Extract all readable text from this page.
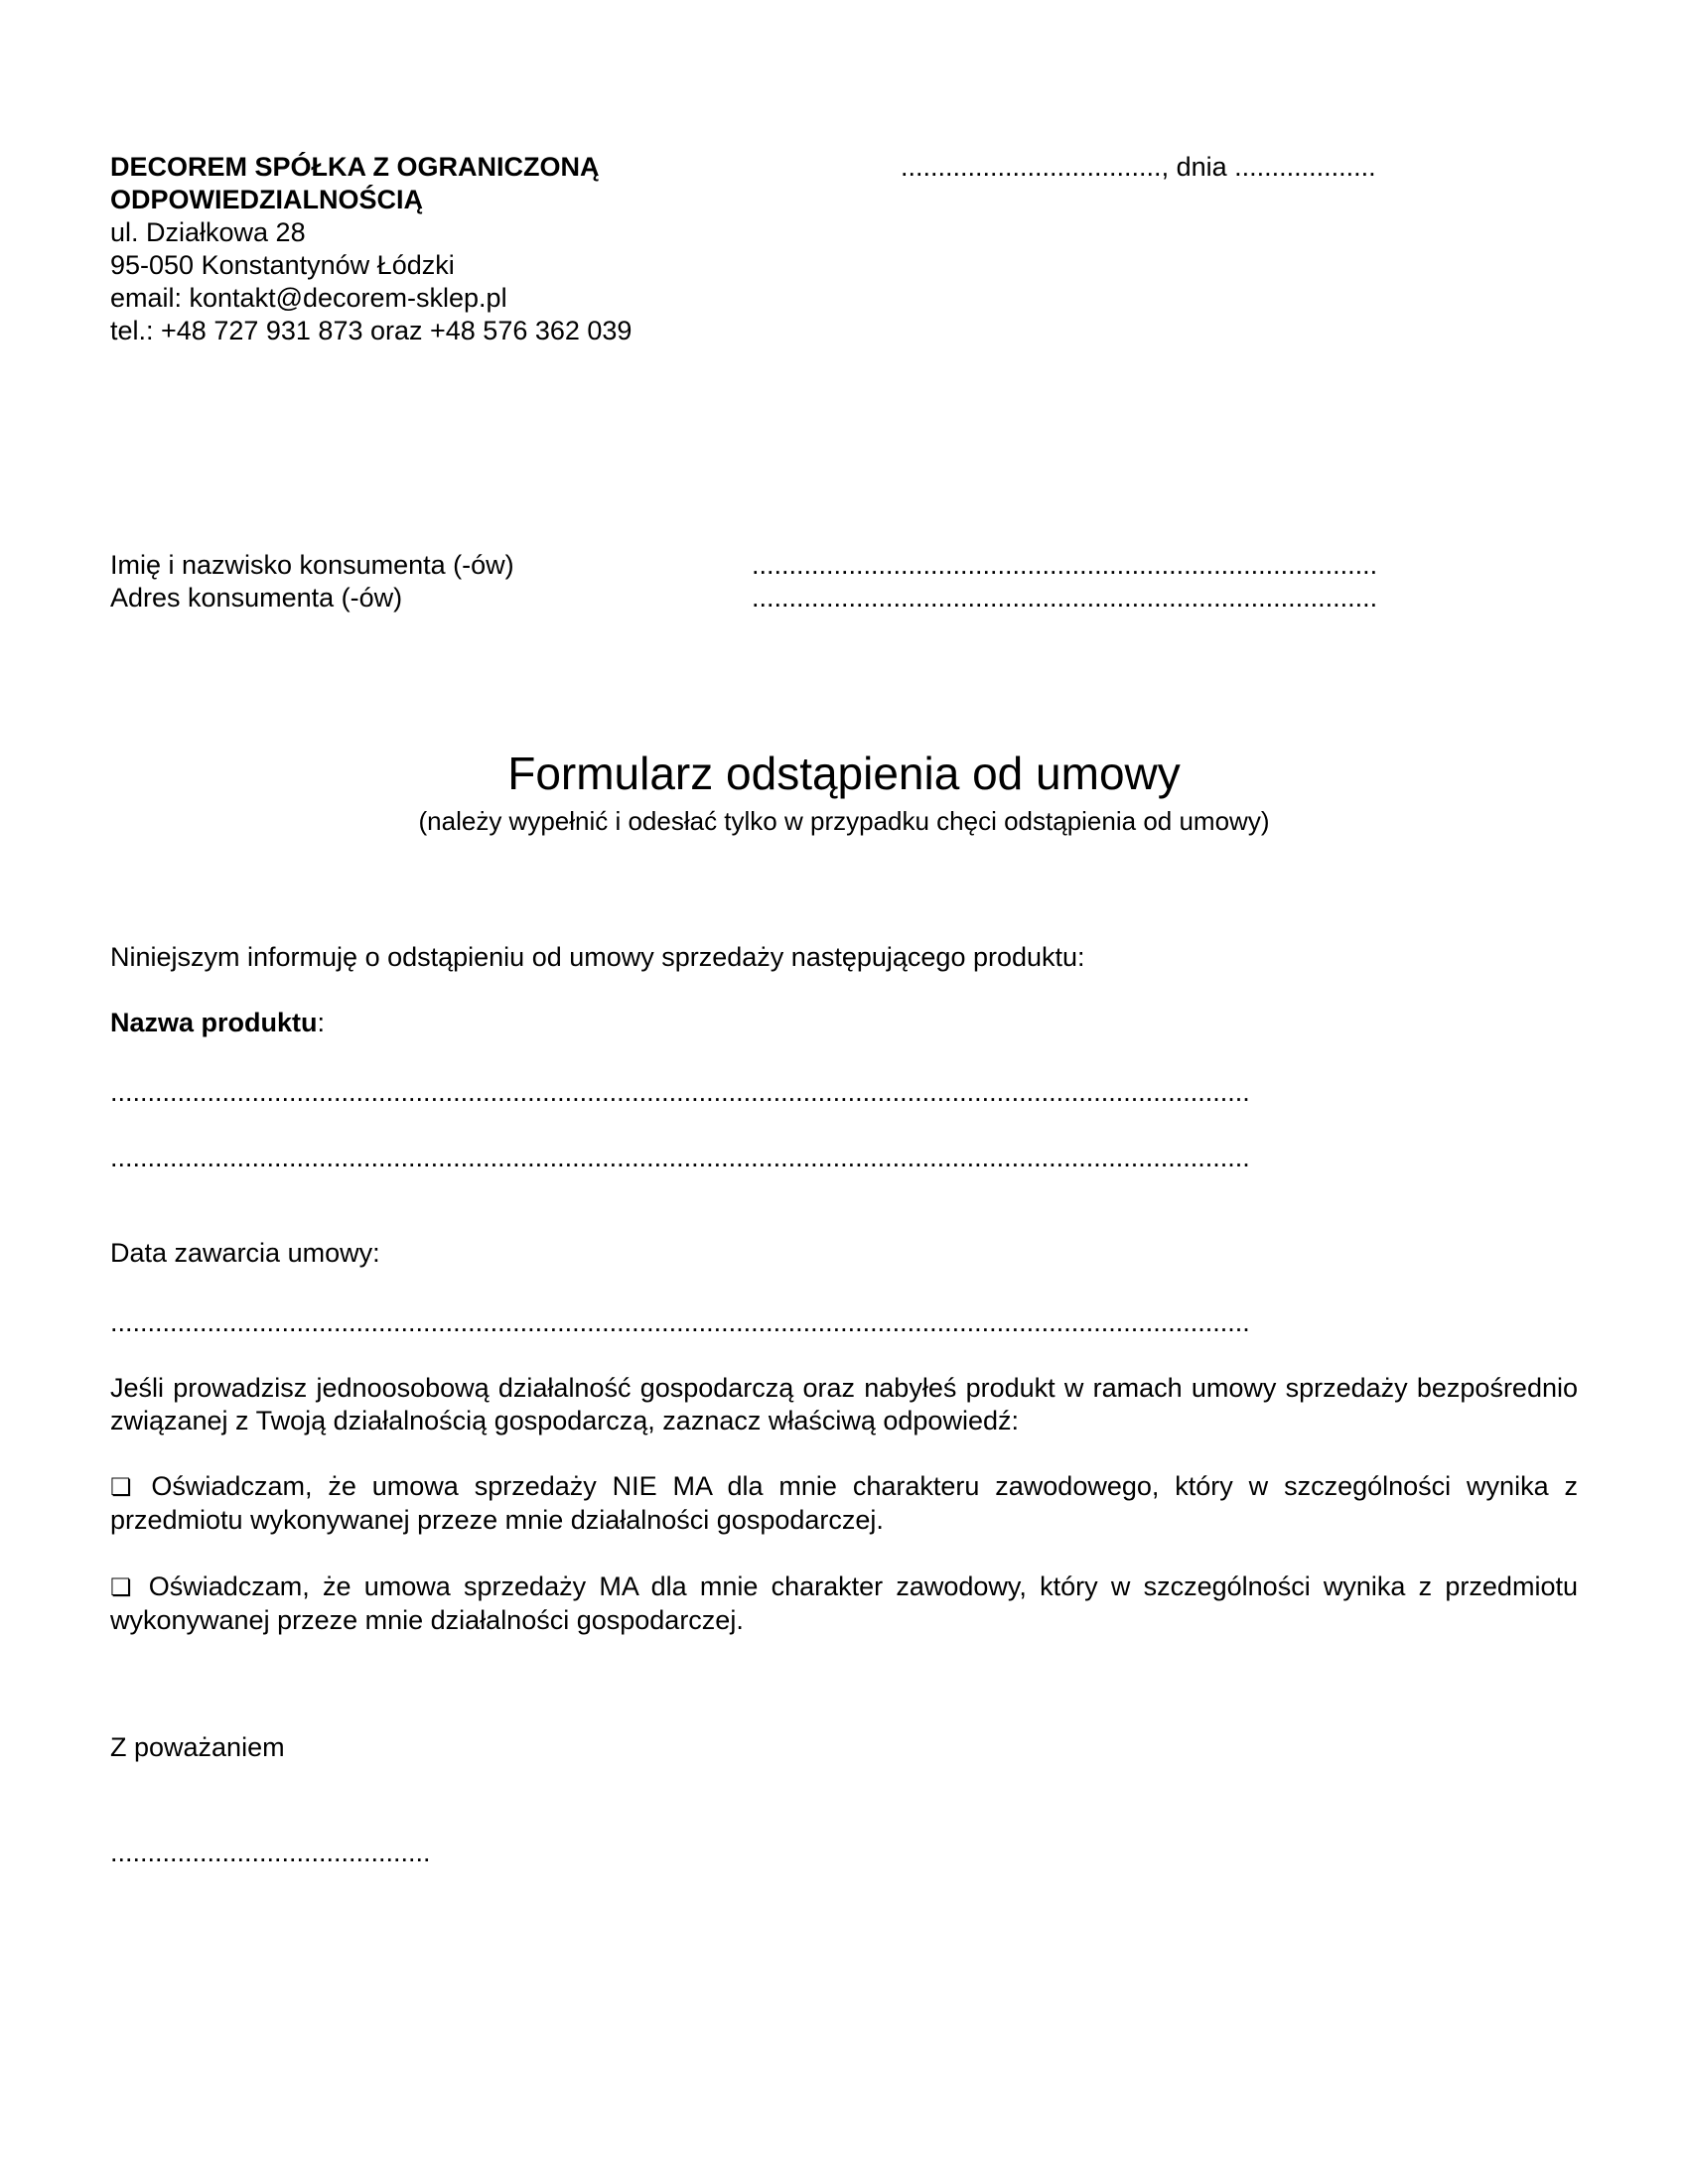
DECOREM SPÓŁKA Z OGRANICZONĄ
ODPOWIEDZIALNOŚCIĄ
ul. Działkowa 28
95-050 Konstantynów Łódzki
email: kontakt@decorem-sklep.pl
tel.: +48 727 931 873 oraz +48 576 362 039
..................................., dnia ...................
Imię i nazwisko konsumenta (-ów)	....................................................................................
Adres konsumenta (-ów)	....................................................................................
Formularz odstąpienia od umowy
(należy wypełnić i odesłać tylko w przypadku chęci odstąpienia od umowy)
Niniejszym informuję o odstąpieniu od umowy sprzedaży następującego produktu:
Nazwa produktu:
.........................................................................................................................................................
.........................................................................................................................................................
Data zawarcia umowy:
.........................................................................................................................................................
Jeśli prowadzisz jednoosobową działalność gospodarczą oraz nabyłeś produkt w ramach umowy sprzedaży bezpośrednio związanej z Twoją działalnością gospodarczą, zaznacz właściwą odpowiedź:
❏ Oświadczam, że umowa sprzedaży NIE MA dla mnie charakteru zawodowego, który w szczególności wynika z przedmiotu wykonywanej przeze mnie działalności gospodarczej.
❏ Oświadczam, że umowa sprzedaży MA dla mnie charakter zawodowy, który w szczególności wynika z przedmiotu wykonywanej przeze mnie działalności gospodarczej.
Z poważaniem
...........................................
